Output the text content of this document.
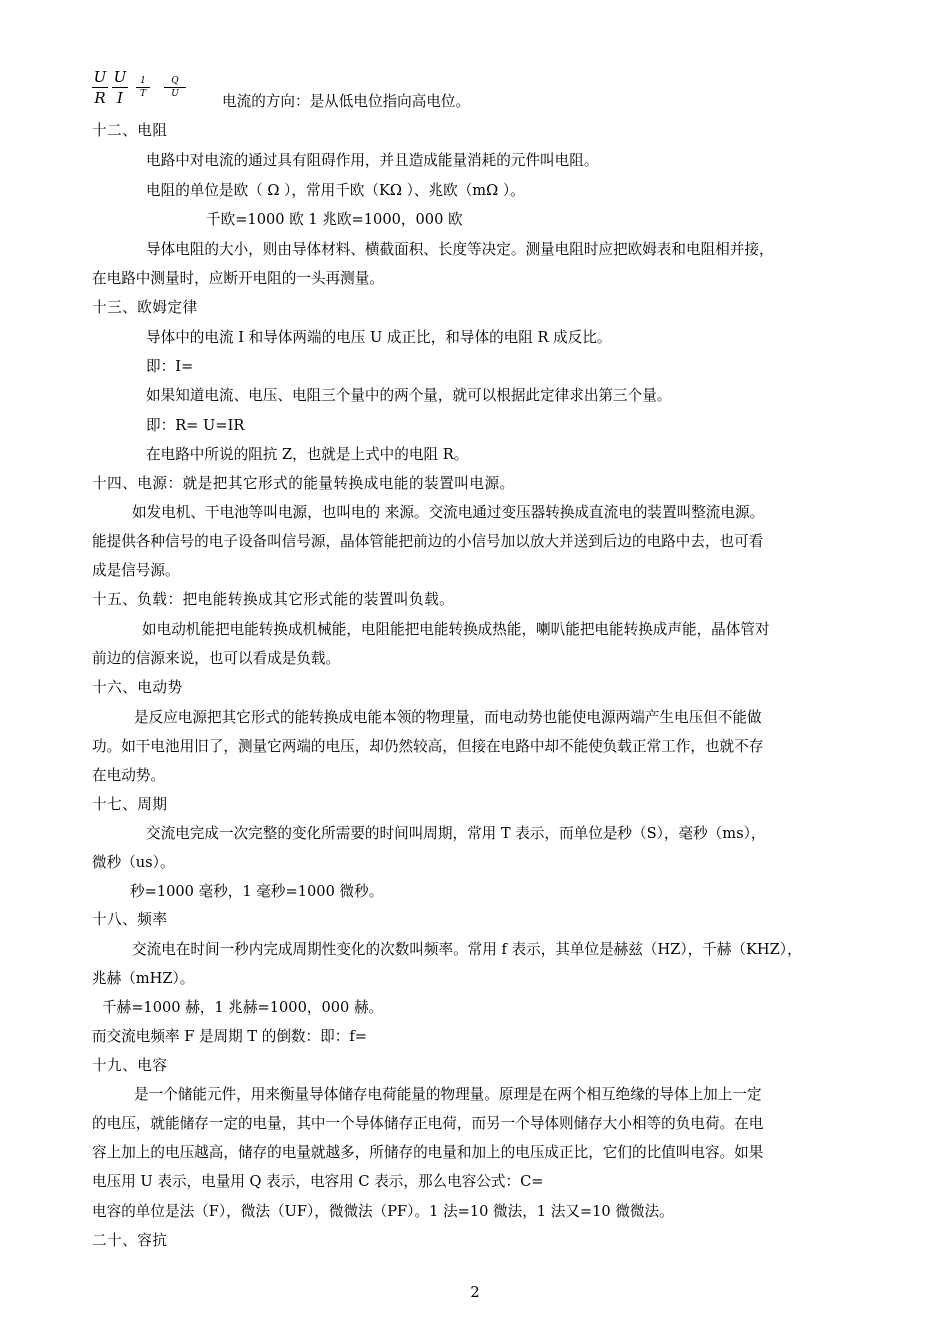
U
R
U
I
1
T
Q
U	电流的方向：是从低电位指向高电位。
十二、电阻
电路中对电流的通过具有阻碍作用，并且造成能量消耗的元件叫电阻。
电阻的单位是欧（ Ω ），常用千欧（KΩ ）、兆欧（mΩ ）。
千欧=1000 欧 1 兆欧=1000，000 欧
导体电阻的大小，则由导体材料、横截面积、长度等决定。测量电阻时应把欧姆表和电阻相并接，
在电路中测量时，应断开电阻的一头再测量。
十三、欧姆定律
导体中的电流 I 和导体两端的电压 U 成正比，和导体的电阻 R 成反比。
即：I=
如果知道电流、电压、电阻三个量中的两个量，就可以根据此定律求出第三个量。
即：R= U=IR
在电路中所说的阻抗 Z，也就是上式中的电阻 R。
十四、电源：就是把其它形式的能量转换成电能的装置叫电源。
如发电机、干电池等叫电源，也叫电的 来源。交流电通过变压器转换成直流电的装置叫整流电源。
能提供各种信号的电子设备叫信号源，晶体管能把前边的小信号加以放大并送到后边的电路中去，也可看
成是信号源。
十五、负载：把电能转换成其它形式能的装置叫负载。
如电动机能把电能转换成机械能，电阻能把电能转换成热能，喇叭能把电能转换成声能，晶体管对
前边的信源来说，也可以看成是负载。
十六、电动势
是反应电源把其它形式的能转换成电能本领的物理量，而电动势也能使电源两端产生电压但不能做
功。如干电池用旧了，测量它两端的电压，却仍然较高，但接在电路中却不能使负载正常工作，也就不存
在电动势。
十七、周期
交流电完成一次完整的变化所需要的时间叫周期，常用 T 表示，而单位是秒（S），毫秒（ms），
微秒（us）。
秒=1000 毫秒，1 毫秒=1000 微秒。
十八、频率
交流电在时间一秒内完成周期性变化的次数叫频率。常用 f 表示，其单位是赫兹（HZ），千赫（KHZ），
兆赫（mHZ）。
千赫=1000 赫，1 兆赫=1000，000 赫。
而交流电频率 F 是周期 T 的倒数：即：f=
十九、电容
是一个储能元件，用来衡量导体储存电荷能量的物理量。原理是在两个相互绝缘的导体上加上一定
的电压，就能储存一定的电量，其中一个导体储存正电荷，而另一个导体则储存大小相等的负电荷。在电
容上加上的电压越高，储存的电量就越多，所储存的电量和加上的电压成正比，它们的比值叫电容。如果
电压用 U 表示，电量用 Q 表示，电容用 C 表示，那么电容公式：C=
电容的单位是法（F），微法（UF），微微法（PF）。1 法=10 微法，1 法又=10 微微法。
二十、容抗
2
